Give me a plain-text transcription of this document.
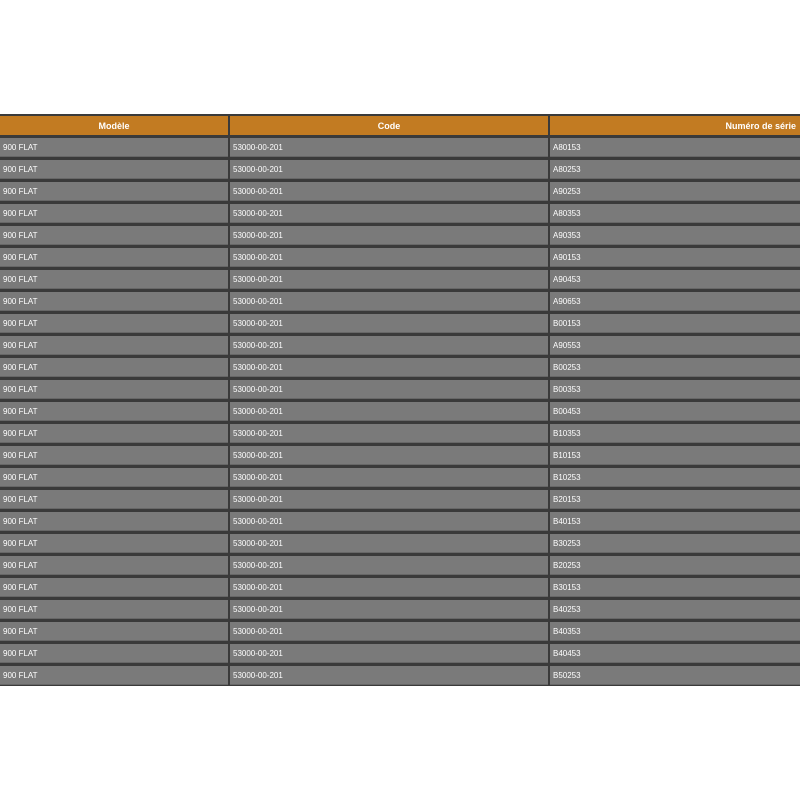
Modèle	Code	Numéro de série
900 FLAT	53000-00-201	A80153
900 FLAT	53000-00-201	A80253
900 FLAT	53000-00-201	A90253
900 FLAT	53000-00-201	A80353
900 FLAT	53000-00-201	A90353
900 FLAT	53000-00-201	A90153
900 FLAT	53000-00-201	A90453
900 FLAT	53000-00-201	A90653
900 FLAT	53000-00-201	B00153
900 FLAT	53000-00-201	A90553
900 FLAT	53000-00-201	B00253
900 FLAT	53000-00-201	B00353
900 FLAT	53000-00-201	B00453
900 FLAT	53000-00-201	B10353
900 FLAT	53000-00-201	B10153
900 FLAT	53000-00-201	B10253
900 FLAT	53000-00-201	B20153
900 FLAT	53000-00-201	B40153
900 FLAT	53000-00-201	B30253
900 FLAT	53000-00-201	B20253
900 FLAT	53000-00-201	B30153
900 FLAT	53000-00-201	B40253
900 FLAT	53000-00-201	B40353
900 FLAT	53000-00-201	B40453
900 FLAT	53000-00-201	B50253
